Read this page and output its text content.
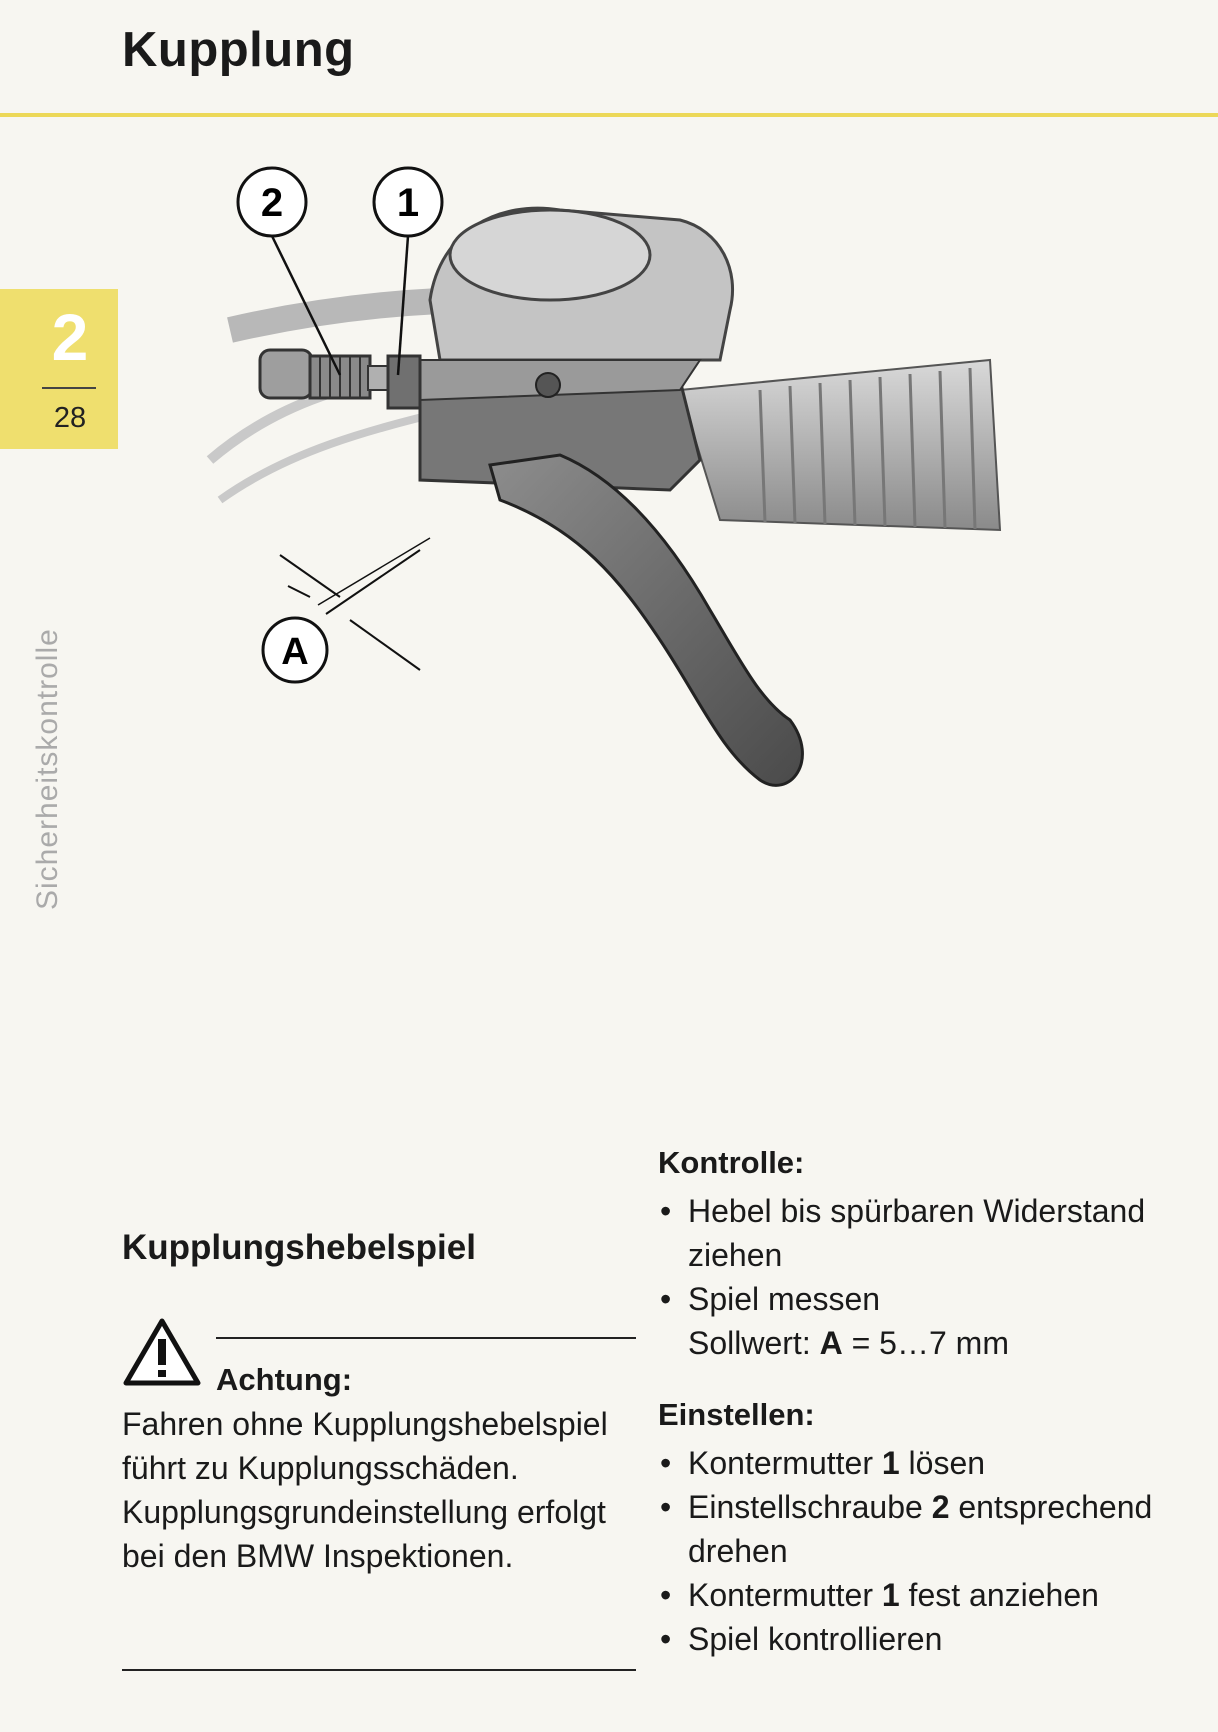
Kupplung
2
28
Sicherheitskontrolle
2	1
A
Kupplungshebelspiel
Achtung:

Fahren ohne Kupplungshebelspiel führt zu Kupplungsschäden.

Kupplungsgrundeinstellung erfolgt bei den BMW Inspektionen.

Kontrolle:
• Hebel bis spürbaren Widerstand ziehen
• Spiel messen
Sollwert: A = 5…7 mm
Einstellen:
• Kontermutter 1 lösen
• Einstellschraube 2 entsprechend drehen
• Kontermutter 1 fest anziehen
• Spiel kontrollieren
